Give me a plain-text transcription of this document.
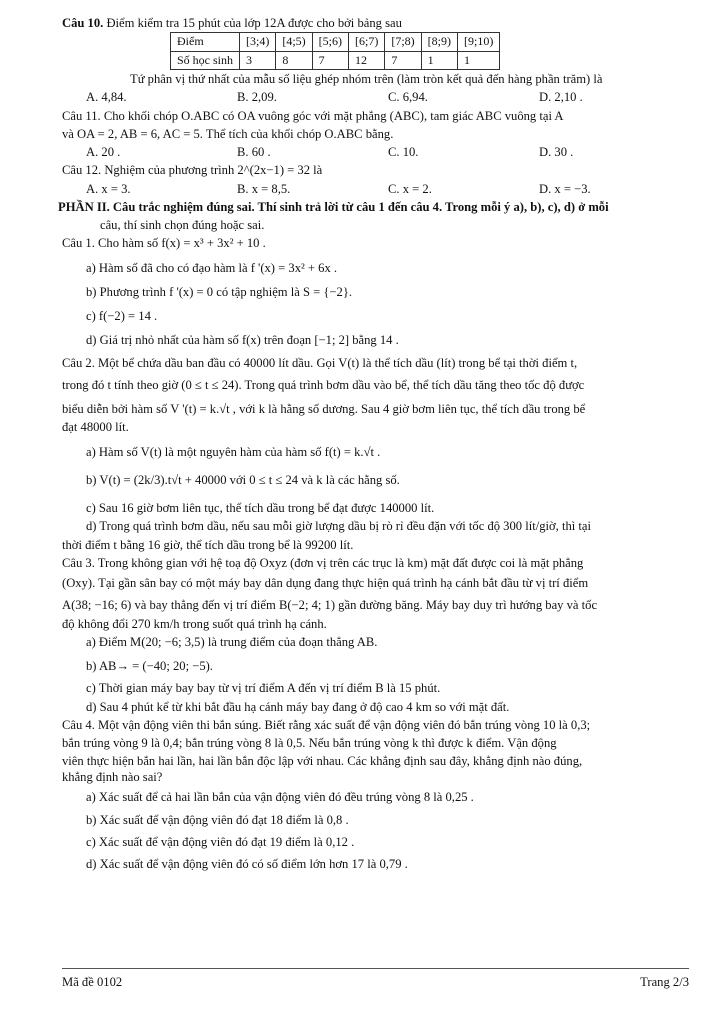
Câu 10. Điểm kiểm tra 15 phút của lớp 12A được cho bởi bảng sau
Điểm	[3;4)	[4;5)	[5;6)	[6;7)	[7;8)	[8;9)	[9;10)
Số học sinh	3	8	7	12	7	1	1
Tứ phân vị thứ nhất của mẫu số liệu ghép nhóm trên (làm tròn kết quả đến hàng phần trăm) là
A. 4,84.	B. 2,09.	C. 6,94.	D. 2,10 .
Câu 11. Cho khối chóp O.ABC có OA vuông góc với mặt phẳng (ABC), tam giác ABC vuông tại A
và OA = 2, AB = 6, AC = 5. Thể tích của khối chóp O.ABC bằng.
A. 20 .	B. 60 .	C. 10.	D. 30 .
Câu 12. Nghiệm của phương trình 2^(2x−1) = 32 là
A. x = 3.	B. x = 8,5.	C. x = 2.	D. x = −3.
PHẦN II. Câu trắc nghiệm đúng sai. Thí sinh trả lời từ câu 1 đến câu 4. Trong mỗi ý a), b), c), d) ở mỗi
câu, thí sinh chọn đúng hoặc sai.
Câu 1. Cho hàm số f(x) = x³ + 3x² + 10 .
a) Hàm số đã cho có đạo hàm là f '(x) = 3x² + 6x .
b) Phương trình f '(x) = 0 có tập nghiệm là S = {−2}.
c) f(−2) = 14 .
d) Giá trị nhỏ nhất của hàm số f(x) trên đoạn [−1; 2] bằng 14 .
Câu 2. Một bể chứa dầu ban đầu có 40000 lít dầu. Gọi V(t) là thể tích dầu (lít) trong bể tại thời điểm t,
trong đó t tính theo giờ (0 ≤ t ≤ 24). Trong quá trình bơm dầu vào bể, thể tích dầu tăng theo tốc độ được
biểu diễn bởi hàm số V '(t) = k.√t , với k là hằng số dương. Sau 4 giờ bơm liên tục, thể tích dầu trong bể
đạt 48000 lít.
a) Hàm số V(t) là một nguyên hàm của hàm số f(t) = k.√t .
b) V(t) = (2k/3).t√t + 40000 với 0 ≤ t ≤ 24 và k là các hằng số.
c) Sau 16 giờ bơm liên tục, thể tích dầu trong bể đạt được 140000 lít.
d) Trong quá trình bơm dầu, nếu sau mỗi giờ lượng dầu bị rò rỉ đều đặn với tốc độ 300 lít/giờ, thì tại
thời điểm t bằng 16 giờ, thể tích dầu trong bể là 99200 lít.
Câu 3. Trong không gian với hệ toạ độ Oxyz (đơn vị trên các trục là km) mặt đất được coi là mặt phẳng
(Oxy). Tại gần sân bay có một máy bay dân dụng đang thực hiện quá trình hạ cánh bắt đầu từ vị trí điểm
A(38; −16; 6) và bay thẳng đến vị trí điểm B(−2; 4; 1) gần đường băng. Máy bay duy trì hướng bay và tốc
độ không đổi 270 km/h trong suốt quá trình hạ cánh.
a) Điểm M(20; −6; 3,5) là trung điểm của đoạn thẳng AB.
b) AB→ = (−40; 20; −5).
c) Thời gian máy bay bay từ vị trí điểm A đến vị trí điểm B là 15 phút.
d) Sau 4 phút kể từ khi bắt đầu hạ cánh máy bay đang ở độ cao 4 km so với mặt đất.
Câu 4. Một vận động viên thi bắn súng. Biết rằng xác suất để vận động viên đó bắn trúng vòng 10 là 0,3;
bắn trúng vòng 9 là 0,4; bắn trúng vòng 8 là 0,5. Nếu bắn trúng vòng k thì được k điểm. Vận động
viên thực hiện bắn hai lần, hai lần bắn độc lập với nhau. Các khẳng định sau đây, khẳng định nào đúng,
khẳng định nào sai?
a) Xác suất để cả hai lần bắn của vận động viên đó đều trúng vòng 8 là 0,25 .
b) Xác suất để vận động viên đó đạt 18 điểm là 0,8 .
c) Xác suất để vận động viên đó đạt 19 điểm là 0,12 .
d) Xác suất để vận động viên đó có số điểm lớn hơn 17 là 0,79 .
Mã đề 0102	Trang 2/3
